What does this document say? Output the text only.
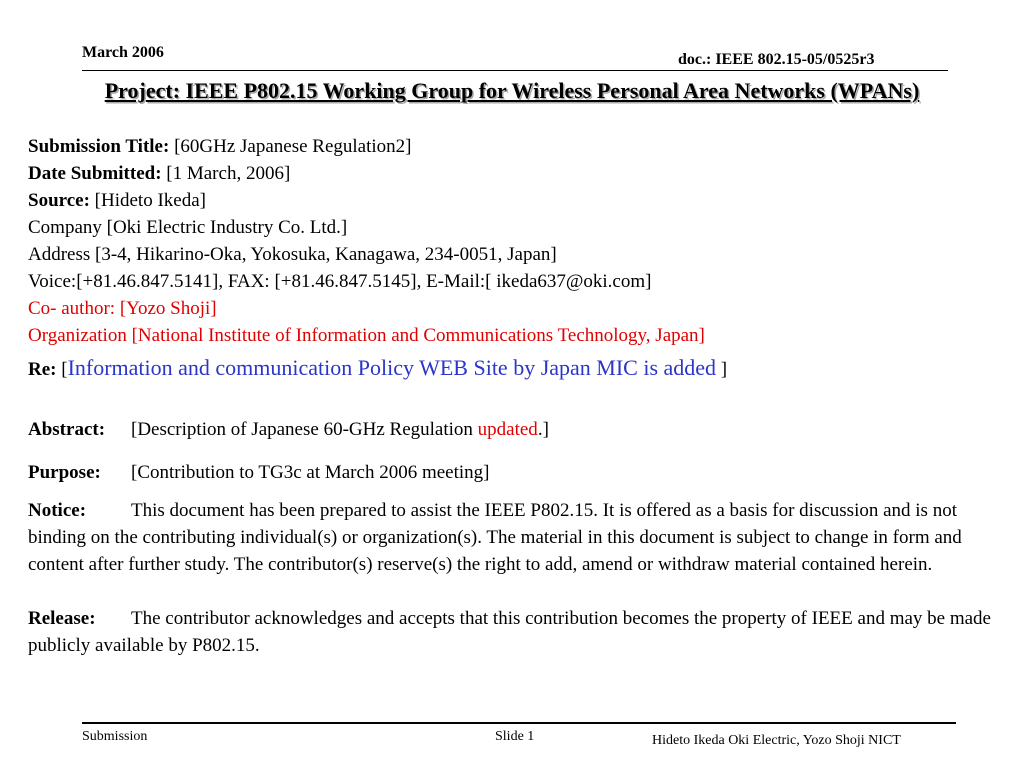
March 2006	doc.: IEEE 802.15-05/0525r3
Project: IEEE P802.15 Working Group for Wireless Personal Area Networks (WPANs)
Submission Title: [60GHz Japanese Regulation2]
Date Submitted: [1 March, 2006]
Source: [Hideto Ikeda]
Company [Oki Electric Industry Co. Ltd.]
Address [3-4, Hikarino-Oka, Yokosuka, Kanagawa, 234-0051, Japan]
Voice:[+81.46.847.5141], FAX: [+81.46.847.5145], E-Mail:[ ikeda637@oki.com]
Co- author: [Yozo Shoji]
Organization [National Institute of Information and Communications Technology, Japan]
Re: [Information and communication Policy WEB Site by Japan MIC is added ]
Abstract: [Description of Japanese 60-GHz Regulation updated.]
Purpose: [Contribution to TG3c at March 2006 meeting]
Notice: This document has been prepared to assist the IEEE P802.15. It is offered as a basis for discussion and is not binding on the contributing individual(s) or organization(s). The material in this document is subject to change in form and content after further study. The contributor(s) reserve(s) the right to add, amend or withdraw material contained herein.
Release: The contributor acknowledges and accepts that this contribution becomes the property of IEEE and may be made publicly available by P802.15.
Submission	Slide 1	Hideto Ikeda Oki Electric, Yozo Shoji NICT
